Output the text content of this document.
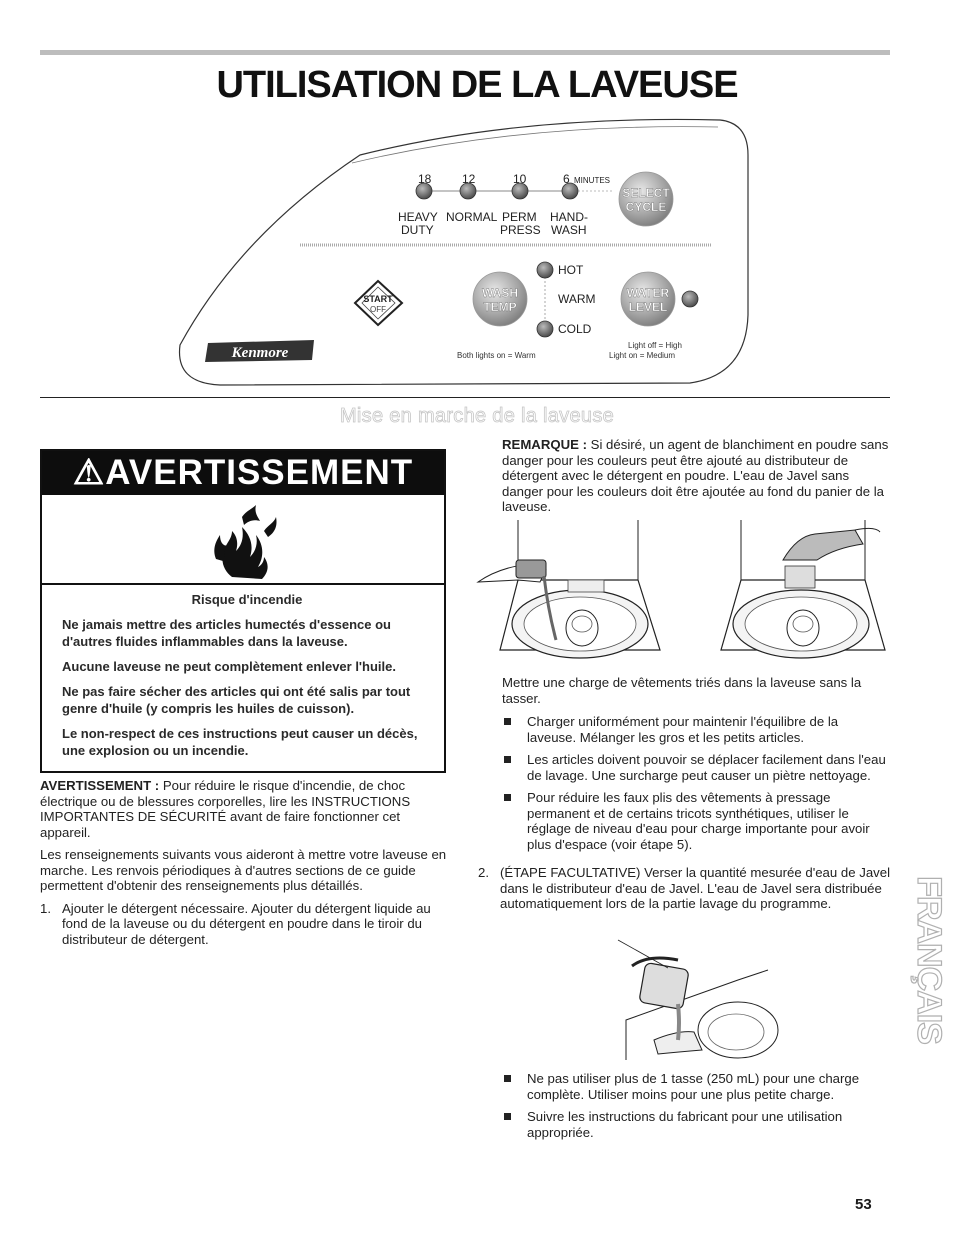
UTILISATION DE LA LAVEUSE
18	12	10	6 MINUTES
HEAVY
DUTY
NORMAL PERM
PRESS
HAND-
WASH
SELECT
CYCLE
START
OFF
WASH
TEMP
HOT
WARM
COLD
Both lights on = Warm
WATER
LEVEL
Light off = High
Light on = Medium
Kenmore
Mise en marche de la laveuse
⚠AVERTISSEMENT
Risque d'incendie

Ne jamais mettre des articles humectés d'essence ou d'autres fluides inflammables dans la laveuse.

Aucune laveuse ne peut complètement enlever l'huile.

Ne pas faire sécher des articles qui ont été salis par tout genre d'huile (y compris les huiles de cuisson).

Le non-respect de ces instructions peut causer un décès, une explosion ou un incendie.

AVERTISSEMENT : Pour réduire le risque d'incendie, de choc électrique ou de blessures corporelles, lire les INSTRUCTIONS IMPORTANTES DE SÉCURITÉ avant de faire fonctionner cet appareil.

Les renseignements suivants vous aideront à mettre votre laveuse en marche. Les renvois périodiques à d'autres sections de ce guide permettent d'obtenir des renseignements plus détaillés.

1. Ajouter le détergent nécessaire. Ajouter du détergent liquide au fond de la laveuse ou du détergent en poudre dans le tiroir du distributeur de détergent.

REMARQUE : Si désiré, un agent de blanchiment en poudre sans danger pour les couleurs peut être ajouté au distributeur de détergent avec le détergent en poudre. L'eau de Javel sans danger pour les couleurs doit être ajoutée au fond du panier de la laveuse.

Mettre une charge de vêtements triés dans la laveuse sans la tasser.

Charger uniformément pour maintenir l'équilibre de la laveuse. Mélanger les gros et les petits articles.
Les articles doivent pouvoir se déplacer facilement dans l'eau de lavage. Une surcharge peut causer un piètre nettoyage.
Pour réduire les faux plis des vêtements à pressage permanent et de certains tricots synthétiques, utiliser le réglage de niveau d'eau pour charge importante pour avoir plus d'espace (voir étape 5).
2. (ÉTAPE FACULTATIVE) Verser la quantité mesurée d'eau de Javel dans le distributeur d'eau de Javel. L'eau de Javel sera distribuée automatiquement lors de la partie lavage du programme.
Ne pas utiliser plus de 1 tasse (250 mL) pour une charge complète. Utiliser moins pour une plus petite charge.
Suivre les instructions du fabricant pour une utilisation appropriée.
FRANÇAIS
53
